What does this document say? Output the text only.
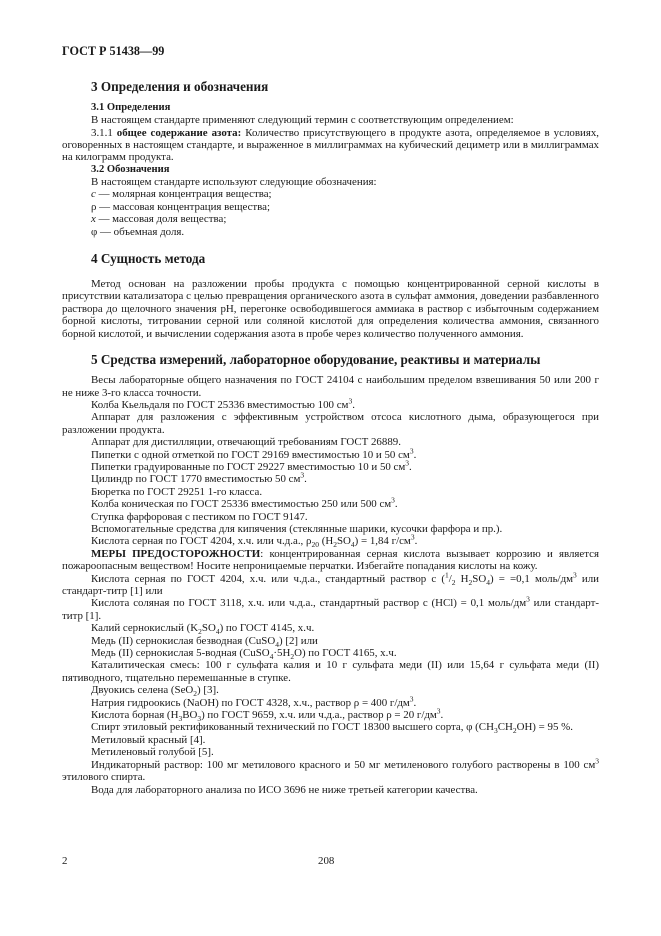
ГОСТ Р 51438—99
3 Определения и обозначения
3.1 Определения

В настоящем стандарте применяют следующий термин с соответствующим определением:

3.1.1 общее содержание азота: Количество присутствующего в продукте азота, определяемое в условиях, оговоренных в настоящем стандарте, и выраженное в миллиграммах на кубический дециметр или в миллиграммах на килограмм продукта.

3.2 Обозначения

В настоящем стандарте используют следующие обозначения:

c — молярная концентрация вещества;

ρ — массовая концентрация вещества;

x — массовая доля вещества;

φ — объемная доля.

4 Сущность метода

Метод основан на разложении пробы продукта с помощью концентрированной серной кислоты в присутствии катализатора с целью превращения органического азота в сульфат аммония, доведении разбавленного раствора до щелочного значения рН, перегонке освободившегося аммиака в раствор с избыточным содержанием борной кислоты, титровании серной или соляной кислотой для определения количества аммония, связанного борной кислотой, и вычислении содержания азота в пробе через количество полученного аммония.

5 Средства измерений, лабораторное оборудование, реактивы и материалы

Весы лабораторные общего назначения по ГОСТ 24104 с наибольшим пределом взвешивания 50 или 200 г не ниже 3-го класса точности.

Колба Кьельдаля по ГОСТ 25336 вместимостью 100 $см^3$.

Аппарат для разложения с эффективным устройством отсоса кислотного дыма, образующегося при разложении продукта.

Аппарат для дистилляции, отвечающий требованиям ГОСТ 26889.

Пипетки с одной отметкой по ГОСТ 29169 вместимостью 10 и 50 $см^3$.

Пипетки градуированные по ГОСТ 29227 вместимостью 10 и 50 $см^3$.

Цилиндр по ГОСТ 1770 вместимостью 50 $см^3$.

Бюретка по ГОСТ 29251 1-го класса.

Колба коническая по ГОСТ 25336 вместимостью 250 или 500 $см^3$.

Ступка фарфоровая с пестиком по ГОСТ 9147.

Вспомогательные средства для кипячения (стеклянные шарики, кусочки фарфора и пр.).

Кислота серная по ГОСТ 4204, х.ч. или ч.д.а., $\rho_{20}$ $(H_2SO_4) = 1,84$ $г/см^3$.

МЕРЫ ПРЕДОСТОРОЖНОСТИ: концентрированная серная кислота вызывает коррозию и является пожароопасным веществом! Носите непроницаемые перчатки. Избегайте попадания кислоты на кожу.

Кислота серная по ГОСТ 4204, х.ч. или ч.д.а., стандартный раствор c ($^1/_2$ $H_2SO_4) = =0,1$ моль/$дм^3$ или стандарт-титр [1] или

Кислота соляная по ГОСТ 3118, х.ч. или ч.д.а., стандартный раствор c (HCl) = 0,1 моль/$дм^3$ или стандарт-титр [1].

Калий сернокислый $(K_2SO_4)$ по ГОСТ 4145, х.ч.

Медь (II) сернокислая безводная (CuSO$_4$) [2] или

Медь (II) сернокислая 5-водная $(CuSO_4\cdot 5H_2O)$ по ГОСТ 4165, х.ч.

Каталитическая смесь: 100 г сульфата калия и 10 г сульфата меди (II) или 15,64 г сульфата меди (II) пятиводного, тщательно перемешанные в ступке.

Двуокись селена (SeO$_2$) [3].

Натрия гидроокись (NaOH) по ГОСТ 4328, х.ч., раствор ρ = 400 $г/дм^3$.

Кислота борная $(H_3BO_3)$ по ГОСТ 9659, х.ч. или ч.д.а., раствор ρ = 20 $г/дм^3$.

Спирт этиловый ректификованный технический по ГОСТ 18300 высшего сорта, φ $(CH_3CH_2OH) = 95$ %.

Метиловый красный [4].

Метиленовый голубой [5].

Индикаторный раствор: 100 мг метилового красного и 50 мг метиленового голубого растворены в 100 $см^3$ этилового спирта.

Вода для лабораторного анализа по ИСО 3696 не ниже третьей категории качества.

2	208
